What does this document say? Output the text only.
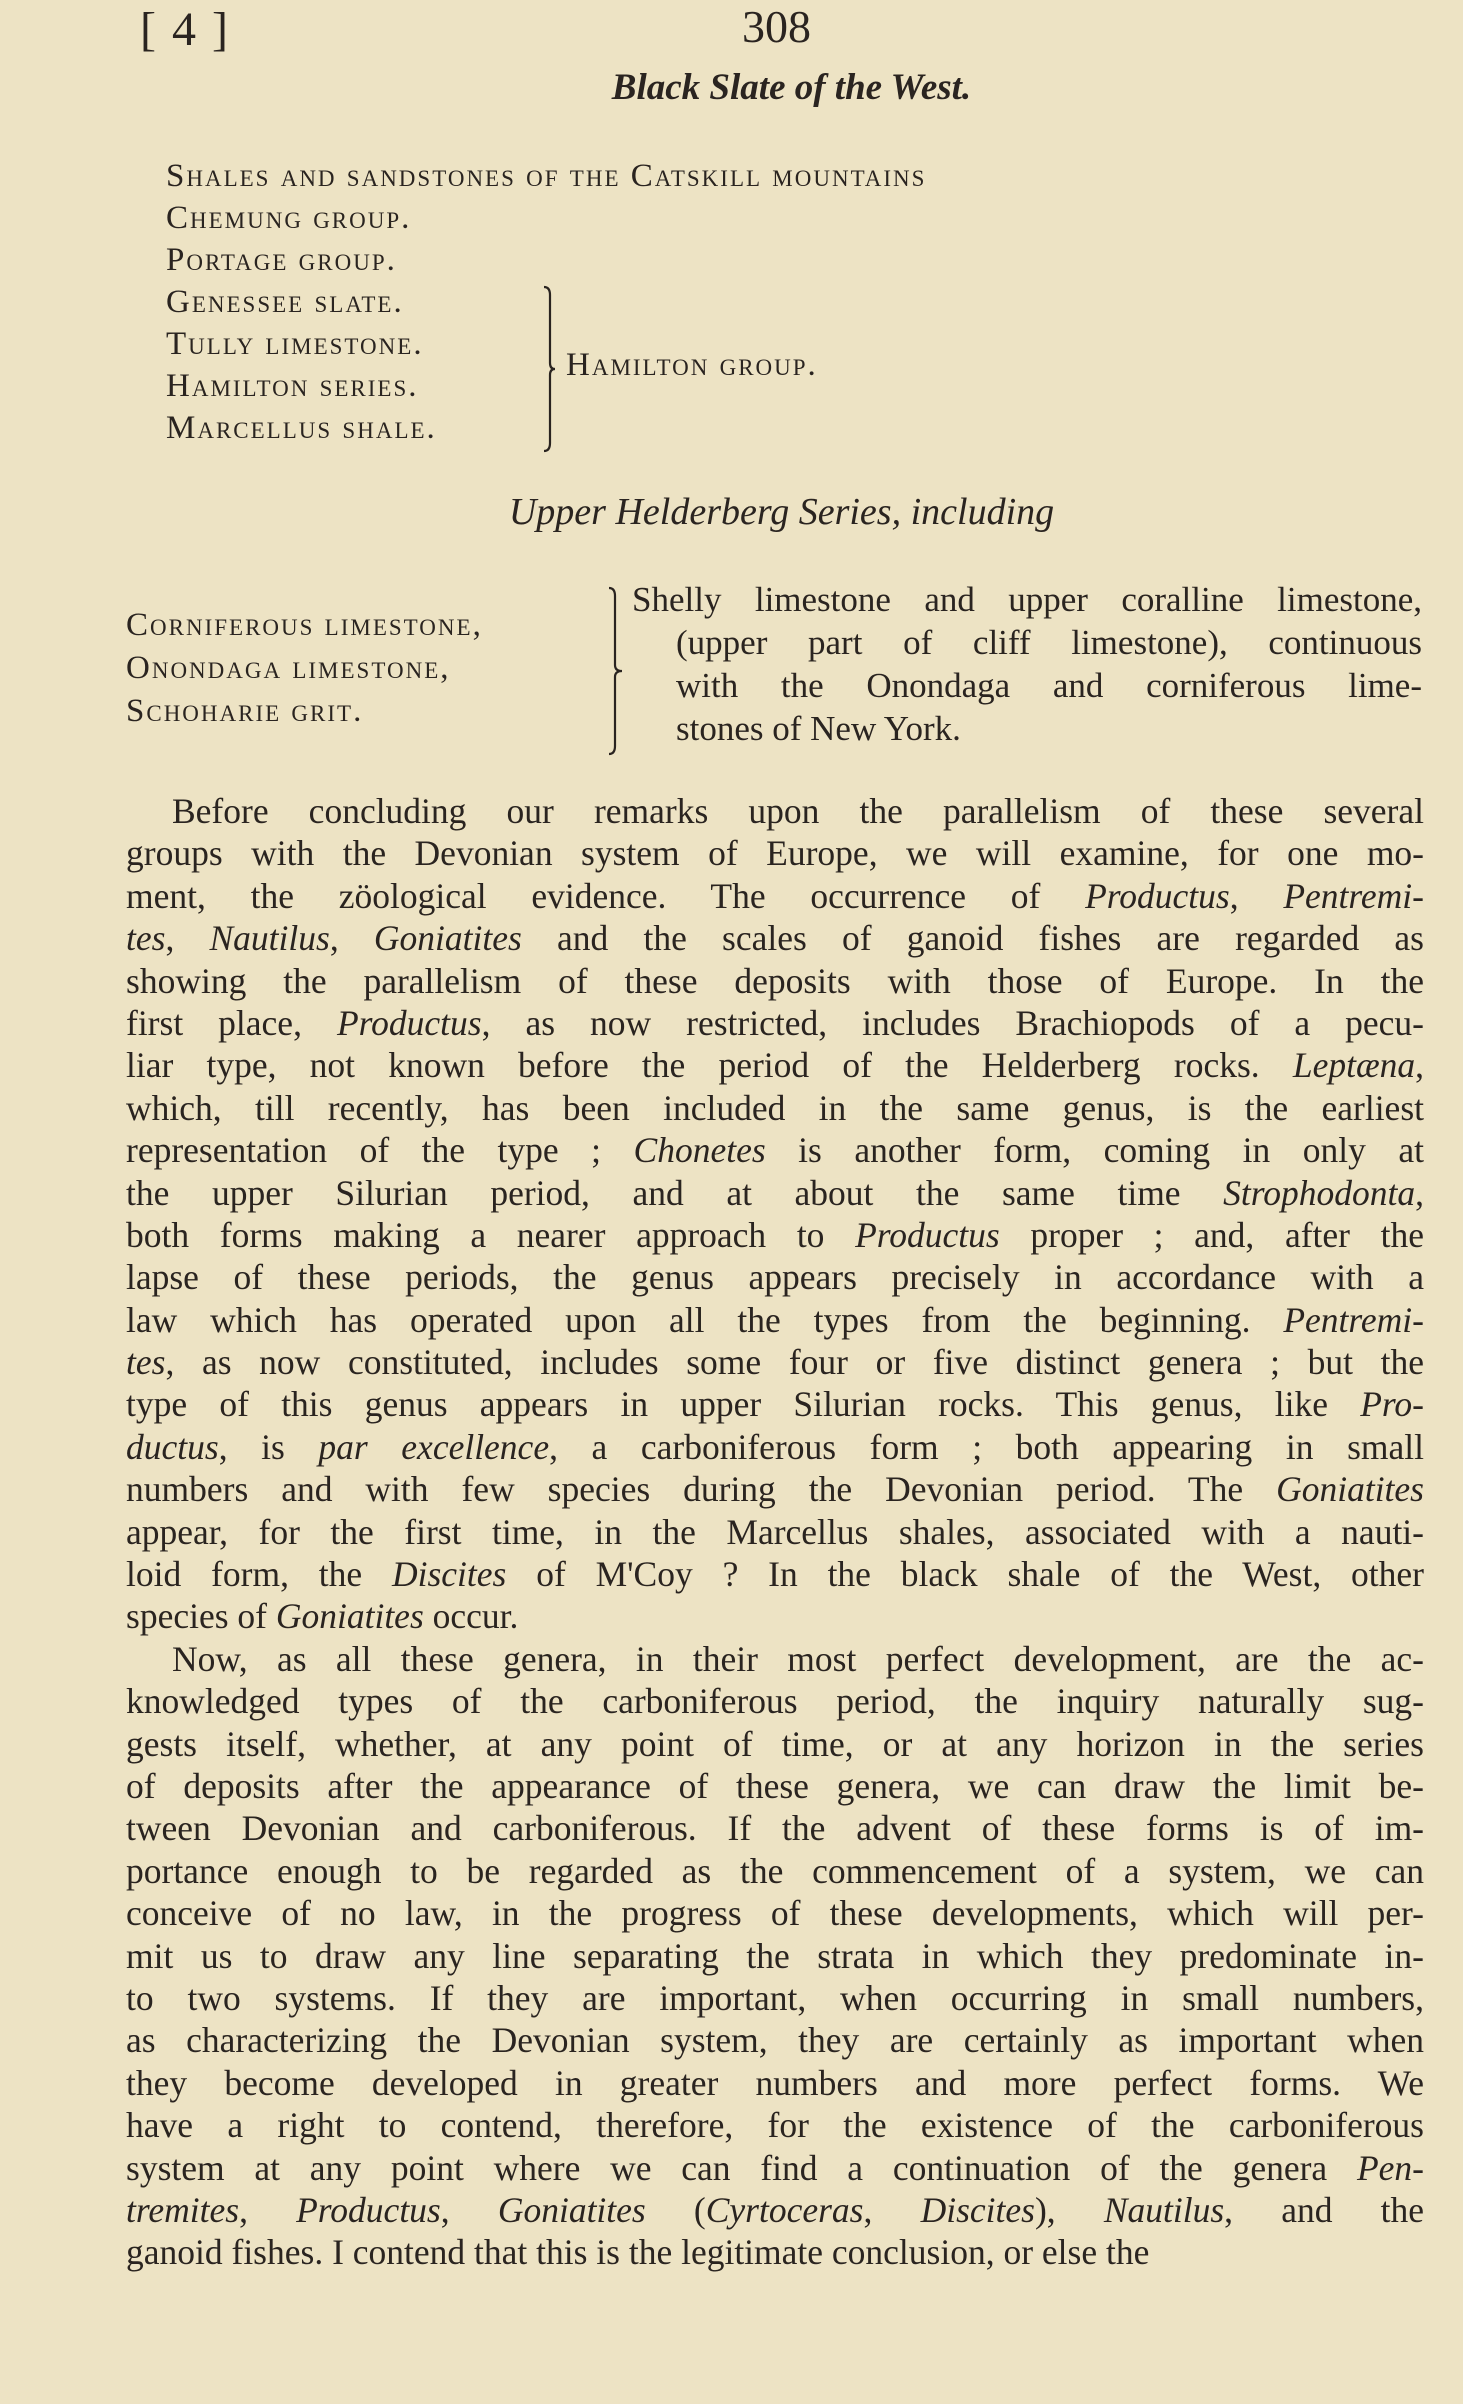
[ 4 ]	308
Black Slate of the West.
Shales and sandstones of the Catskill mountains
Chemung group.
Portage group.
Genessee slate.
Tully limestone.
Hamilton series.
Marcellus shale.
Hamilton group.
Upper Helderberg Series, including
Corniferous limestone,
Onondaga limestone,
Schoharie grit.
Shelly limestone and upper coralline limestone,
(upper part of cliff limestone), continuous
with the Onondaga and corniferous lime-
stones of New York.
Before concluding our remarks upon the parallelism of these several
groups with the Devonian system of Europe, we will examine, for one mo-
ment, the zöological evidence. The occurrence of Productus, Pentremi-
tes, Nautilus, Goniatites and the scales of ganoid fishes are regarded as
showing the parallelism of these deposits with those of Europe. In the
first place, Productus, as now restricted, includes Brachiopods of a pecu-
liar type, not known before the period of the Helderberg rocks. Leptæna,
which, till recently, has been included in the same genus, is the earliest
representation of the type ; Chonetes is another form, coming in only at
the upper Silurian period, and at about the same time Strophodonta,
both forms making a nearer approach to Productus proper ; and, after the
lapse of these periods, the genus appears precisely in accordance with a
law which has operated upon all the types from the beginning. Pentremi-
tes, as now constituted, includes some four or five distinct genera ; but the
type of this genus appears in upper Silurian rocks. This genus, like Pro-
ductus, is par excellence, a carboniferous form ; both appearing in small
numbers and with few species during the Devonian period. The Goniatites
appear, for the first time, in the Marcellus shales, associated with a nauti-
loid form, the Discites of M'Coy ? In the black shale of the West, other
species of Goniatites occur.
Now, as all these genera, in their most perfect development, are the ac-
knowledged types of the carboniferous period, the inquiry naturally sug-
gests itself, whether, at any point of time, or at any horizon in the series
of deposits after the appearance of these genera, we can draw the limit be-
tween Devonian and carboniferous. If the advent of these forms is of im-
portance enough to be regarded as the commencement of a system, we can
conceive of no law, in the progress of these developments, which will per-
mit us to draw any line separating the strata in which they predominate in-
to two systems. If they are important, when occurring in small numbers,
as characterizing the Devonian system, they are certainly as important when
they become developed in greater numbers and more perfect forms. We
have a right to contend, therefore, for the existence of the carboniferous
system at any point where we can find a continuation of the genera Pen-
tremites, Productus, Goniatites (Cyrtoceras, Discites), Nautilus, and the
ganoid fishes. I contend that this is the legitimate conclusion, or else the
